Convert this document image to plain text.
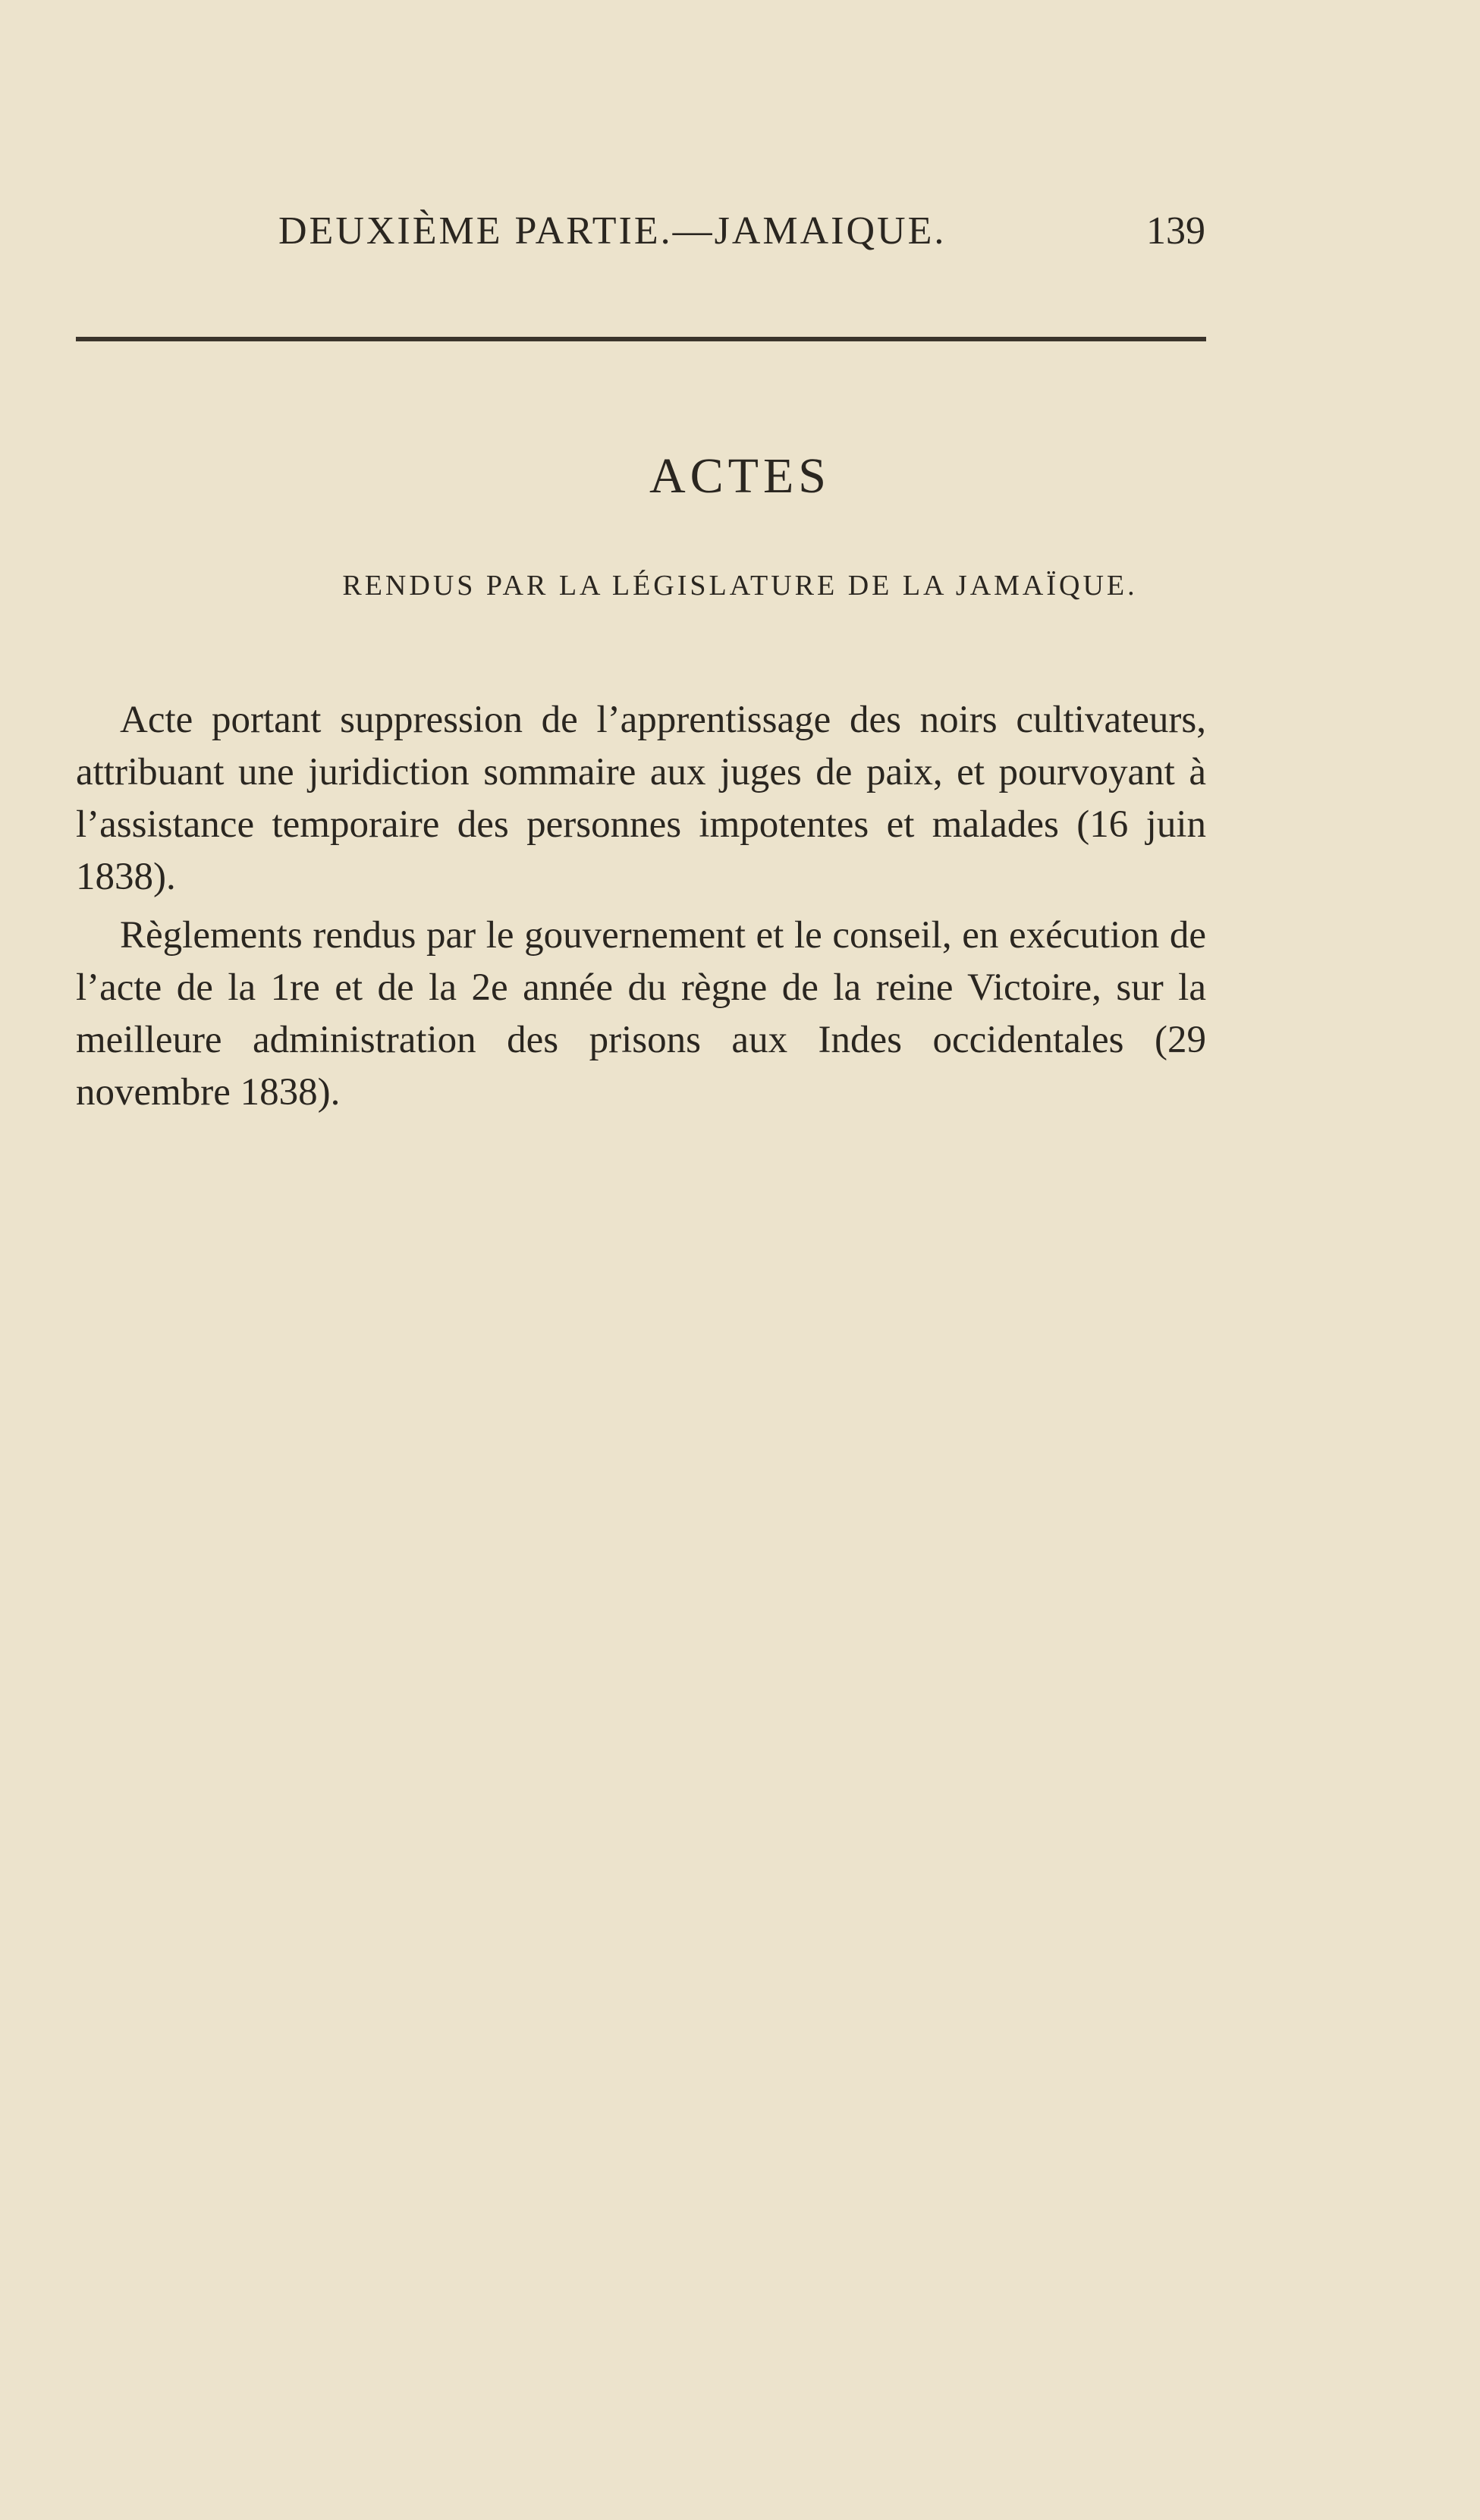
DEUXIÈME PARTIE.—JAMAIQUE.	139
ACTES
RENDUS PAR LA LÉGISLATURE DE LA JAMAÏQUE.

Acte portant suppression de l’apprentissage des noirs cultivateurs, attribuant une juridiction sommaire aux juges de paix, et pourvoyant à l’assistance temporaire des personnes impotentes et malades (16 juin 1838).

Règlements rendus par le gouvernement et le conseil, en exécution de l’acte de la 1re et de la 2e année du règne de la reine Victoire, sur la meilleure administration des prisons aux Indes occidentales (29 novembre 1838).
